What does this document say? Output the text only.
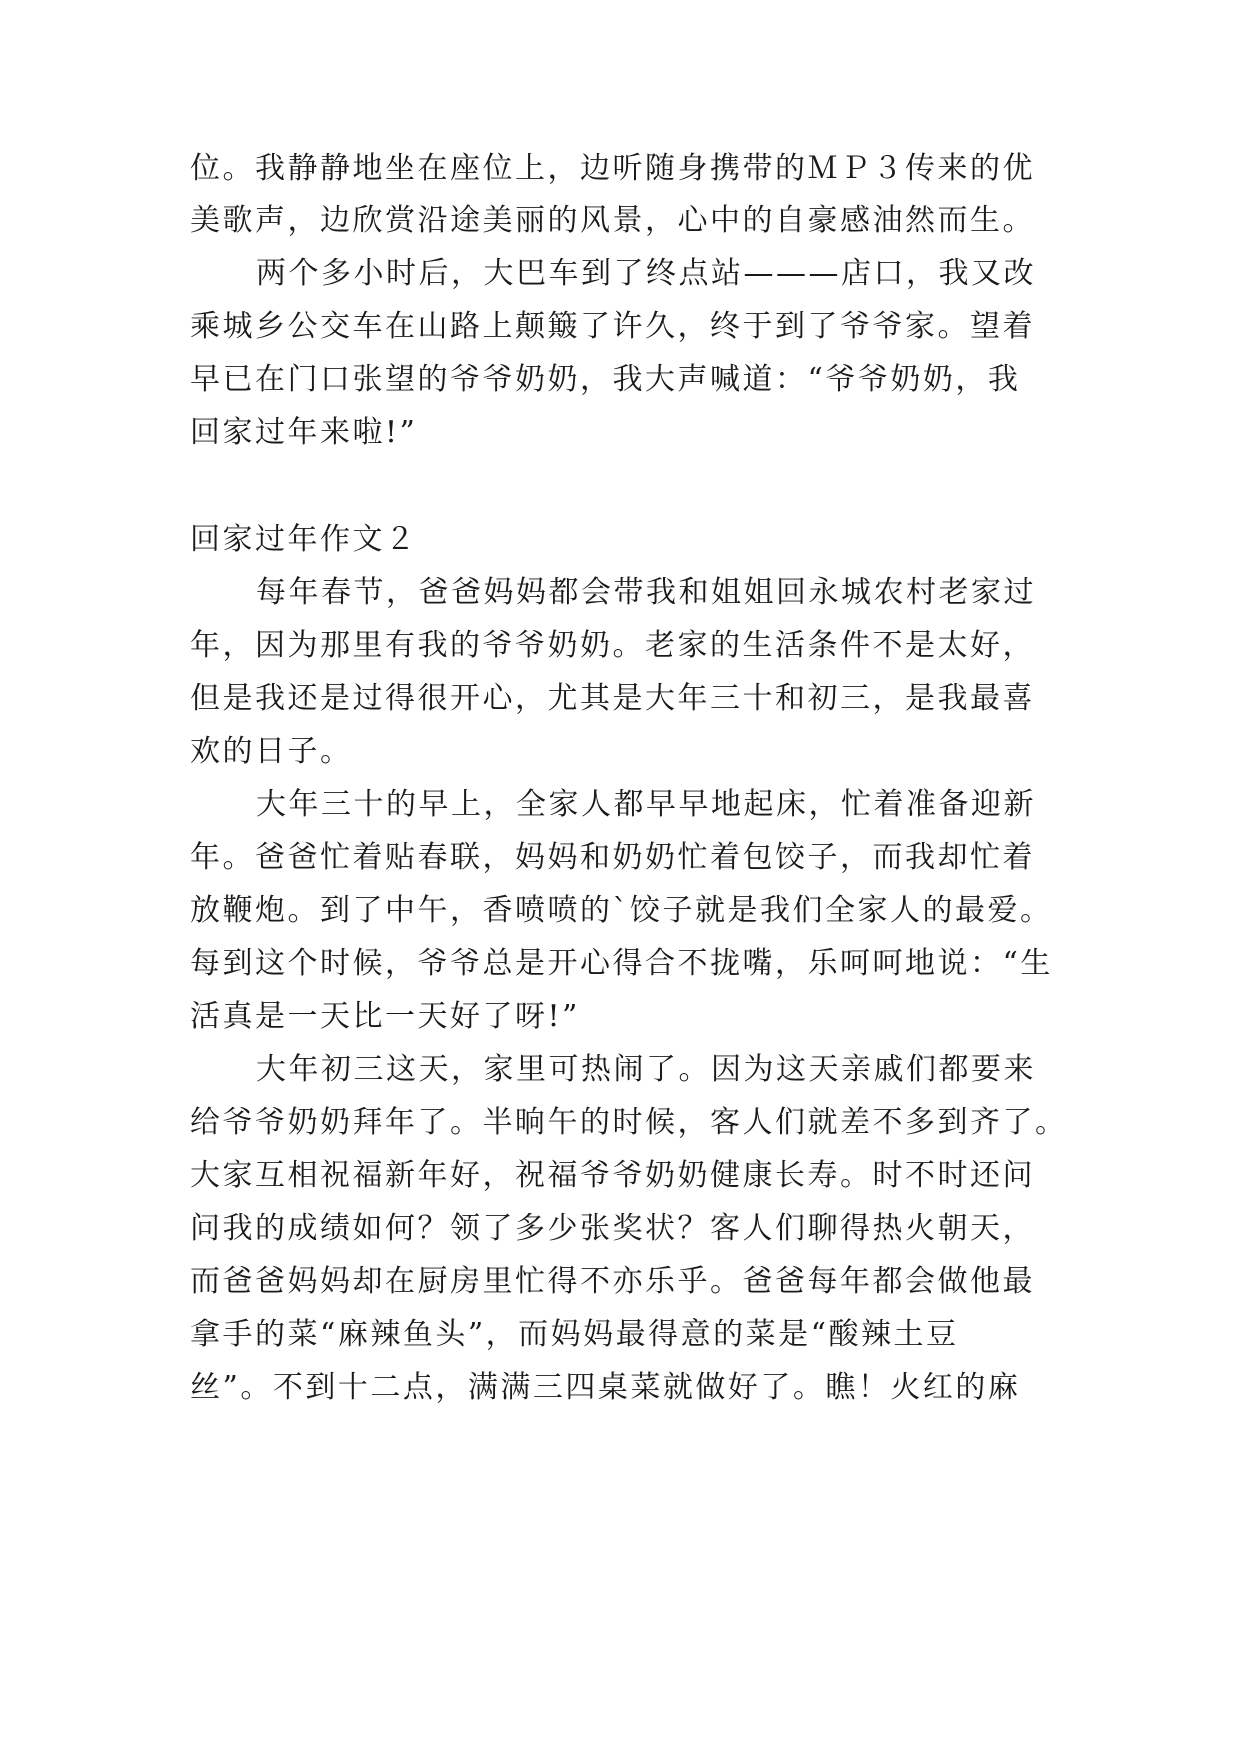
位。我静静地坐在座位上，边听随身携带的ＭＰ３传来的优
美歌声，边欣赏沿途美丽的风景，心中的自豪感油然而生。
两个多小时后，大巴车到了终点站———店口，我又改
乘城乡公交车在山路上颠簸了许久，终于到了爷爷家。望着
早已在门口张望的爷爷奶奶，我大声喊道：“爷爷奶奶，我
回家过年来啦!”
回家过年作文２
每年春节，爸爸妈妈都会带我和姐姐回永城农村老家过
年，因为那里有我的爷爷奶奶。老家的生活条件不是太好，
但是我还是过得很开心，尤其是大年三十和初三，是我最喜
欢的日子。
大年三十的早上，全家人都早早地起床，忙着准备迎新
年。爸爸忙着贴春联，妈妈和奶奶忙着包饺子，而我却忙着
放鞭炮。到了中午，香喷喷的`饺子就是我们全家人的最爱。
每到这个时候，爷爷总是开心得合不拢嘴，乐呵呵地说：“生
活真是一天比一天好了呀!”
大年初三这天，家里可热闹了。因为这天亲戚们都要来
给爷爷奶奶拜年了。半晌午的时候，客人们就差不多到齐了。
大家互相祝福新年好，祝福爷爷奶奶健康长寿。时不时还问
问我的成绩如何？领了多少张奖状？客人们聊得热火朝天，
而爸爸妈妈却在厨房里忙得不亦乐乎。爸爸每年都会做他最
拿手的菜“麻辣鱼头”，而妈妈最得意的菜是“酸辣土豆
丝”。不到十二点，满满三四桌菜就做好了。瞧！火红的麻
